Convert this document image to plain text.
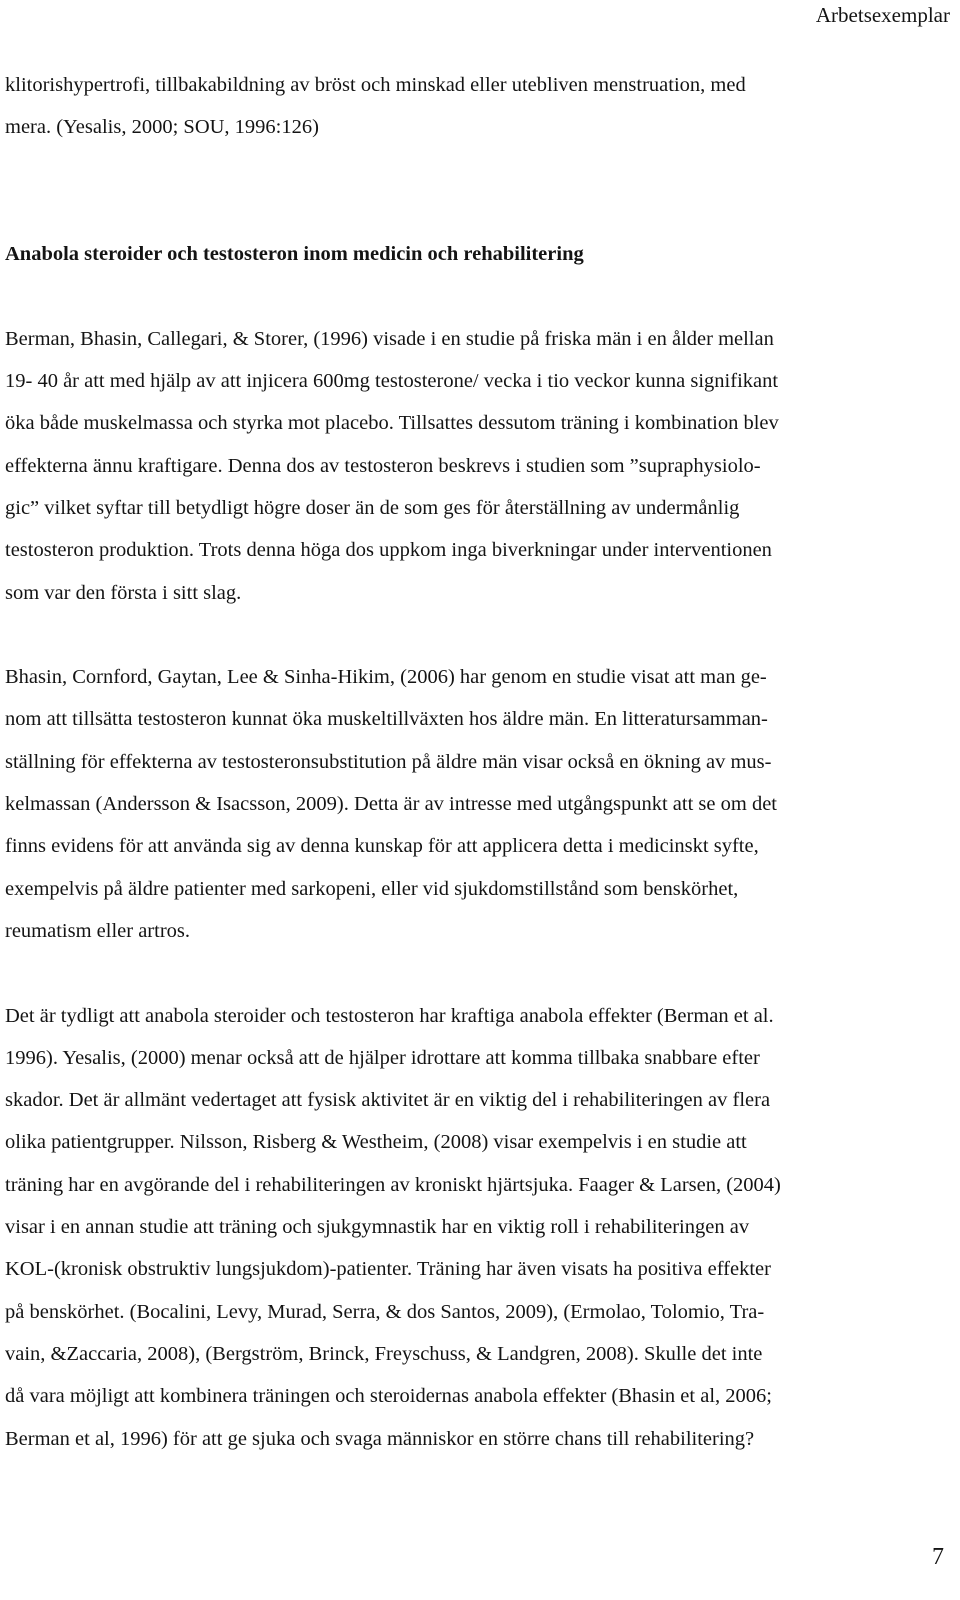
Arbetsexemplar
klitorishypertrofi, tillbakabildning av bröst och minskad eller utebliven menstruation, med
mera. (Yesalis, 2000; SOU, 1996:126)
Anabola steroider och testosteron inom medicin och rehabilitering
Berman, Bhasin, Callegari, & Storer, (1996) visade i en studie på friska män i en ålder mellan
19- 40 år att med hjälp av att injicera 600mg testosterone/ vecka i tio veckor kunna signifikant
öka både muskelmassa och styrka mot placebo. Tillsattes dessutom träning i kombination blev
effekterna ännu kraftigare. Denna dos av testosteron beskrevs i studien som ”supraphysiolo-
gic” vilket syftar till betydligt högre doser än de som ges för återställning av undermånlig
testosteron produktion. Trots denna höga dos uppkom inga biverkningar under interventionen
som var den första i sitt slag.
Bhasin, Cornford, Gaytan, Lee & Sinha-Hikim, (2006) har genom en studie visat att man ge-
nom att tillsätta testosteron kunnat öka muskeltillväxten hos äldre män. En litteratursamman-
ställning för effekterna av testosteronsubstitution på äldre män visar också en ökning av mus-
kelmassan (Andersson & Isacsson, 2009). Detta är av intresse med utgångspunkt att se om det
finns evidens för att använda sig av denna kunskap för att applicera detta i medicinskt syfte,
exempelvis på äldre patienter med sarkopeni, eller vid sjukdomstillstånd som benskörhet,
reumatism eller artros.
Det är tydligt att anabola steroider och testosteron har kraftiga anabola effekter (Berman et al.
1996). Yesalis, (2000) menar också att de hjälper idrottare att komma tillbaka snabbare efter
skador. Det är allmänt vedertaget att fysisk aktivitet är en viktig del i rehabiliteringen av flera
olika patientgrupper. Nilsson, Risberg & Westheim, (2008) visar exempelvis i en studie att
träning har en avgörande del i rehabiliteringen av kroniskt hjärtsjuka. Faager & Larsen, (2004)
visar i en annan studie att träning och sjukgymnastik har en viktig roll i rehabiliteringen av
KOL-(kronisk obstruktiv lungsjukdom)-patienter. Träning har även visats ha positiva effekter
på benskörhet. (Bocalini, Levy, Murad, Serra, & dos Santos, 2009), (Ermolao, Tolomio, Tra-
vain, &Zaccaria, 2008), (Bergström, Brinck, Freyschuss, & Landgren, 2008). Skulle det inte
då vara möjligt att kombinera träningen och steroidernas anabola effekter (Bhasin et al, 2006;
Berman et al, 1996) för att ge sjuka och svaga människor en större chans till rehabilitering?
7
